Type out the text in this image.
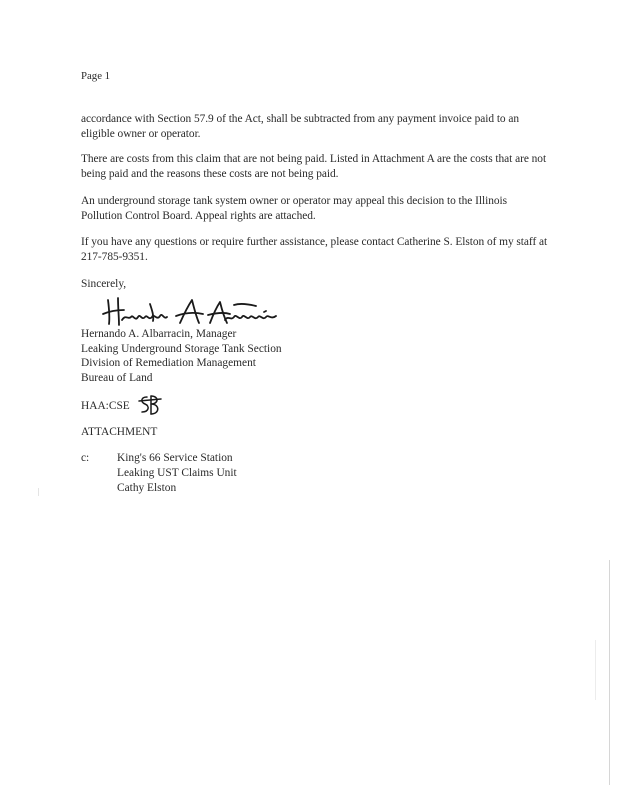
Page 1
accordance with Section 57.9 of the Act, shall be subtracted from any payment invoice paid to an eligible owner or operator.
There are costs from this claim that are not being paid. Listed in Attachment A are the costs that are not being paid and the reasons these costs are not being paid.
An underground storage tank system owner or operator may appeal this decision to the Illinois Pollution Control Board. Appeal rights are attached.
If you have any questions or require further assistance, please contact Catherine S. Elston of my staff at 217-785-9351.
Sincerely,
Hernando A. Albarracin, Manager
Leaking Underground Storage Tank Section
Division of Remediation Management
Bureau of Land
HAA:CSE
ATTACHMENT
c: King's 66 Service Station
Leaking UST Claims Unit
Cathy Elston
